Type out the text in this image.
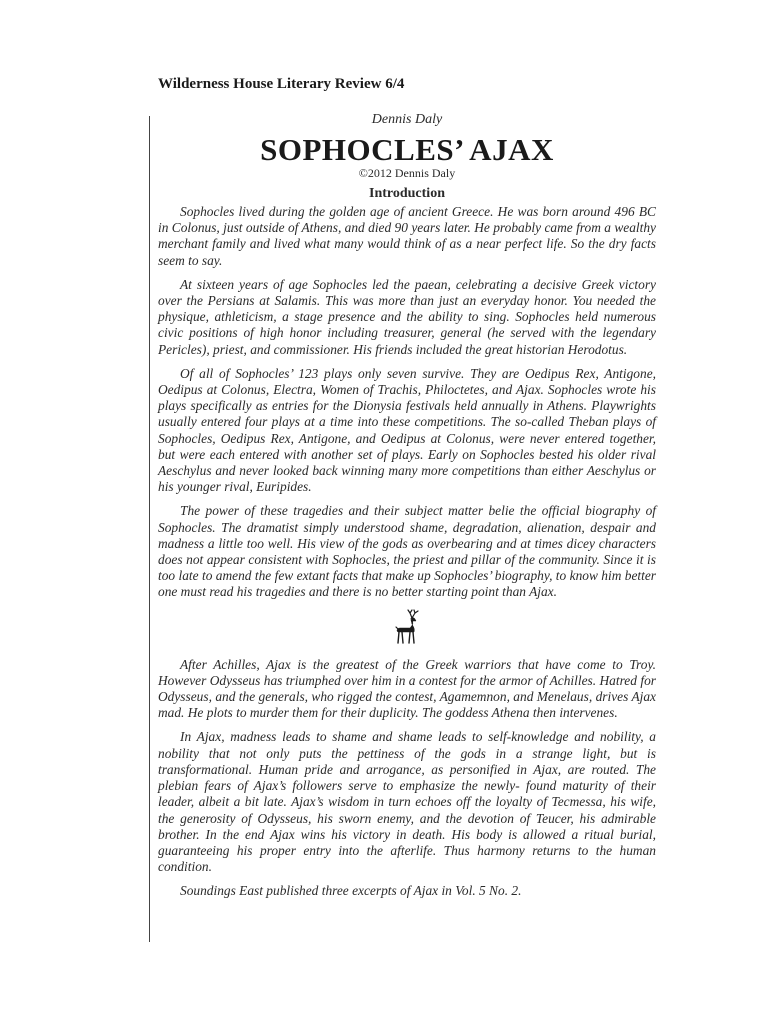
Wilderness House Literary Review 6/4

Dennis Daly

SOPHOCLES’ AJAX

©2012 Dennis Daly

Introduction

Sophocles lived during the golden age of ancient Greece. He was born around 496 BC in Colonus, just outside of Athens, and died 90 years later. He probably came from a wealthy merchant family and lived what many would think of as a near perfect life. So the dry facts seem to say.

At sixteen years of age Sophocles led the paean, celebrating a decisive Greek victory over the Persians at Salamis. This was more than just an everyday honor. You needed the physique, athleticism, a stage presence and the ability to sing. Sophocles held numerous civic positions of high honor including treasurer, general (he served with the legendary Pericles), priest, and commissioner. His friends included the great historian Herodotus.

Of all of Sophocles’ 123 plays only seven survive. They are Oedipus Rex, Antigone, Oedipus at Colonus, Electra, Women of Trachis, Philoctetes, and Ajax. Sophocles wrote his plays specifically as entries for the Dionysia festivals held annually in Athens. Playwrights usually entered four plays at a time into these competitions. The so-called Theban plays of Sophocles, Oedipus Rex, Antigone, and Oedipus at Colonus, were never entered together, but were each entered with another set of plays. Early on Sophocles bested his older rival Aeschylus and never looked back winning many more competitions than either Aeschylus or his younger rival, Euripides.

The power of these tragedies and their subject matter belie the official biography of Sophocles. The dramatist simply understood shame, degradation, alienation, despair and madness a little too well. His view of the gods as overbearing and at times dicey characters does not appear consistent with Sophocles, the priest and pillar of the community. Since it is too late to amend the few extant facts that make up Sophocles’ biography, to know him better one must read his tragedies and there is no better starting point than Ajax.

After Achilles, Ajax is the greatest of the Greek warriors that have come to Troy. However Odysseus has triumphed over him in a contest for the armor of Achilles. Hatred for Odysseus, and the generals, who rigged the contest, Agamemnon, and Menelaus, drives Ajax mad. He plots to murder them for their duplicity. The goddess Athena then intervenes.

In Ajax, madness leads to shame and shame leads to self-knowledge and nobility, a nobility that not only puts the pettiness of the gods in a strange light, but is transformational. Human pride and arrogance, as personified in Ajax, are routed. The plebian fears of Ajax’s followers serve to emphasize the newly- found maturity of their leader, albeit a bit late. Ajax’s wisdom in turn echoes off the loyalty of Tecmessa, his wife, the generosity of Odysseus, his sworn enemy, and the devotion of Teucer, his admirable brother. In the end Ajax wins his victory in death. His body is allowed a ritual burial, guaranteeing his proper entry into the afterlife. Thus harmony returns to the human condition.

Soundings East published three excerpts of Ajax in Vol. 5 No. 2.
